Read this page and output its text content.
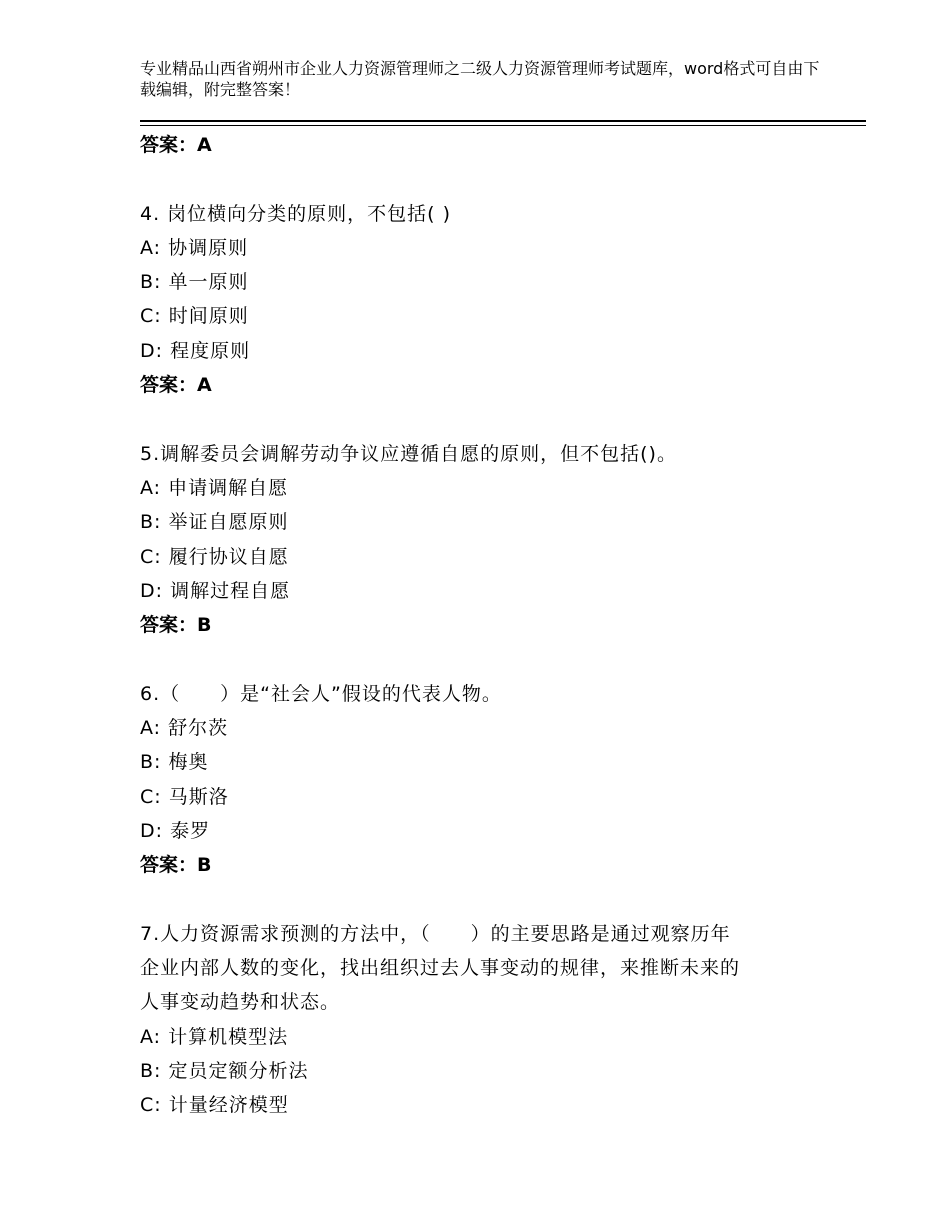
专业精品山西省朔州市企业人力资源管理师之二级人力资源管理师考试题库，word格式可自由下载编辑，附完整答案！
答案：A
4. 岗位横向分类的原则，不包括( )
A: 协调原则
B: 单一原则
C: 时间原则
D: 程度原则
答案：A
5.调解委员会调解劳动争议应遵循自愿的原则，但不包括()。
A: 申请调解自愿
B: 举证自愿原则
C: 履行协议自愿
D: 调解过程自愿
答案：B
6.（　　）是“社会人”假设的代表人物。
A: 舒尔茨
B: 梅奥
C: 马斯洛
D: 泰罗
答案：B
7.人力资源需求预测的方法中，（　　）的主要思路是通过观察历年
企业内部人数的变化，找出组织过去人事变动的规律，来推断未来的
人事变动趋势和状态。
A: 计算机模型法
B: 定员定额分析法
C: 计量经济模型
